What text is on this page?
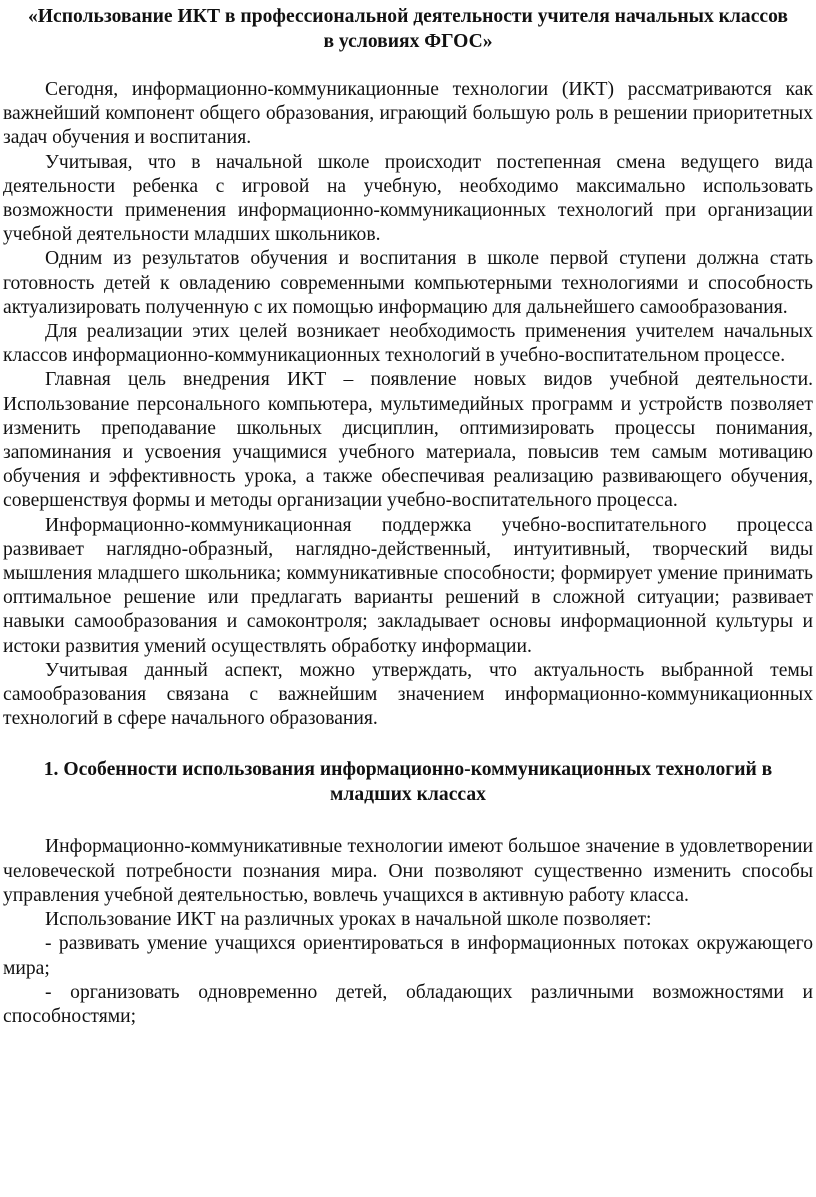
«Использование ИКТ в профессиональной деятельности учителя начальных классов в условиях ФГОС»

Сегодня, информационно-коммуникационные технологии (ИКТ) рассматриваются как важнейший компонент общего образования, играющий большую роль в решении приоритетных задач обучения и воспитания.

Учитывая, что в начальной школе происходит постепенная смена ведущего вида деятельности ребенка с игровой на учебную, необходимо максимально использовать возможности применения информационно-коммуникационных технологий при организации учебной деятельности младших школьников.

Одним из результатов обучения и воспитания в школе первой ступени должна стать готовность детей к овладению современными компьютерными технологиями и способность актуализировать полученную с их помощью информацию для дальнейшего самообразования.

Для реализации этих целей возникает необходимость применения учителем начальных классов информационно-коммуникационных технологий в учебно-воспитательном процессе.

Главная цель внедрения ИКТ – появление новых видов учебной деятельности. Использование персонального компьютера, мультимедийных программ и устройств позволяет изменить преподавание школьных дисциплин, оптимизировать процессы понимания, запоминания и усвоения учащимися учебного материала, повысив тем самым мотивацию обучения и эффективность урока, а также обеспечивая реализацию развивающего обучения, совершенствуя формы и методы организации учебно-воспитательного процесса.

Информационно-коммуникационная поддержка учебно-воспитательного процесса развивает наглядно-образный, наглядно-действенный, интуитивный, творческий виды мышления младшего школьника; коммуникативные способности; формирует умение принимать оптимальное решение или предлагать варианты решений в сложной ситуации; развивает навыки самообразования и самоконтроля; закладывает основы информационной культуры и истоки развития умений осуществлять обработку информации.

Учитывая данный аспект, можно утверждать, что актуальность выбранной темы самообразования связана с важнейшим значением информационно-коммуникационных технологий в сфере начального образования.

1. Особенности использования информационно-коммуникационных технологий в младших классах

Информационно-коммуникативные технологии имеют большое значение в удовлетворении человеческой потребности познания мира. Они позволяют существенно изменить способы управления учебной деятельностью, вовлечь учащихся в активную работу класса.

Использование ИКТ на различных уроках в начальной школе позволяет:

- развивать умение учащихся ориентироваться в информационных потоках окружающего мира;

- организовать одновременно детей, обладающих различными возможностями и способностями;
